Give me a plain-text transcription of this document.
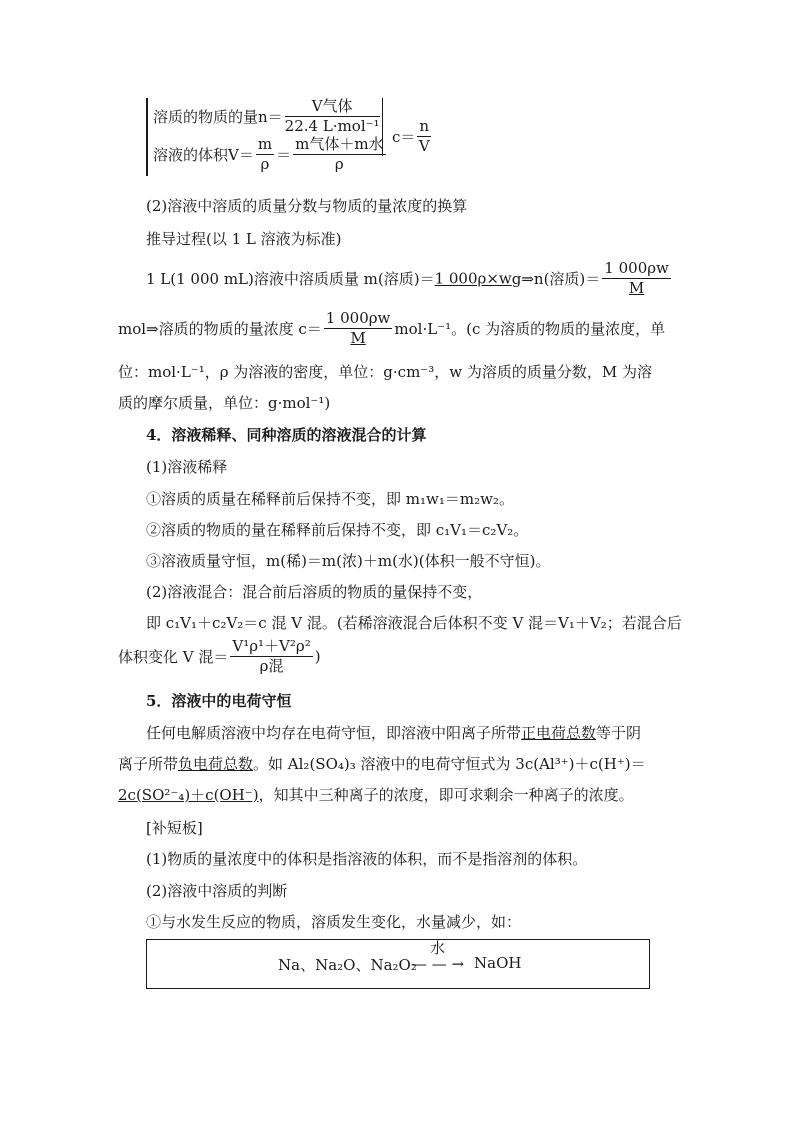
溶质的物质的量$n= \frac{\text{V气体}}{\text{22.4 L·mol⁻¹}}$
溶液的体积$V= \frac{m}{\rho} = \frac{\text{m气体＋m水}}{\rho} c= \frac{n}{V}$
(2)溶液中溶质的质量分数与物质的量浓度的换算
推导过程(以 1 L 溶液为标准)
1 L(1 000 mL)溶液中溶质质量 m(溶质)＝1 000ρ×wg⇒n(溶质)＝ $\frac{1 000\rho w}{M}$
mol⇒溶质的物质的量浓度 $c= \frac{1 000\rho w}{M} mol\cdot L^{-1}$。(c 为溶质的物质的量浓度，单
位：mol·L⁻¹，ρ 为溶液的密度，单位：g·cm⁻³，w 为溶质的质量分数，M 为溶
质的摩尔质量，单位：g·mol⁻¹)
4．溶液稀释、同种溶质的溶液混合的计算
(1)溶液稀释
①溶质的质量在稀释前后保持不变，即 m₁w₁＝m₂w₂。
②溶质的物质的量在稀释前后保持不变，即 c₁V₁＝c₂V₂。
③溶液质量守恒，m(稀)＝m(浓)＋m(水)(体积一般不守恒)。
(2)溶液混合：混合前后溶质的物质的量保持不变，
即 c₁V₁＋c₂V₂＝c 混 V 混。(若稀溶液混合后体积不变 V 混＝V₁＋V₂；若混合后
体积变化 V 混＝ $\frac{\text{V¹ρ¹＋V²ρ²}}{\text{ρ混}}$ )
5．溶液中的电荷守恒
任何电解质溶液中均存在电荷守恒，即溶液中阳离子所带正电荷总数等于阴
离子所带负电荷总数。如 Al₂(SO₄)₃ 溶液中的电荷守恒式为 3c(Al³⁺)＋c(H⁺)＝
2c(SO²⁻₄)＋c(OH⁻)，知其中三种离子的浓度，即可求剩余一种离子的浓度。
[补短板]
(1)物质的量浓度中的体积是指溶液的体积，而不是指溶剂的体积。
(2)溶液中溶质的判断
①与水发生反应的物质，溶质发生变化，水量减少，如：
Na、Na₂O、Na₂O₂
水
— — → NaOH
